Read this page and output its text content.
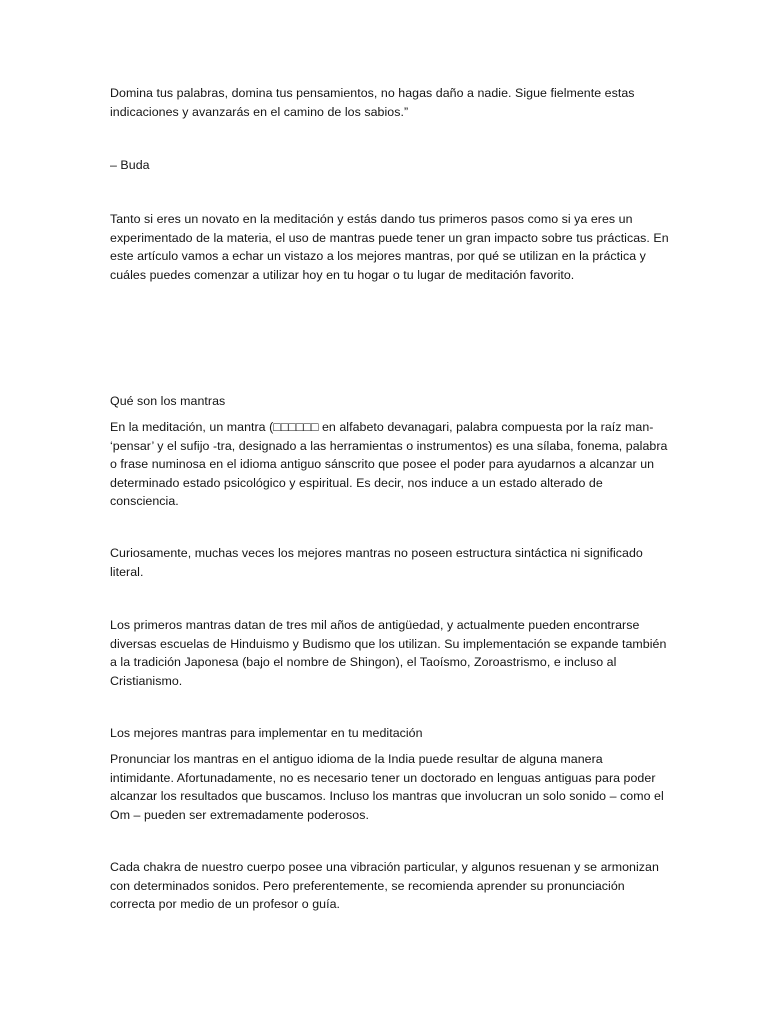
Domina tus palabras, domina tus pensamientos, no hagas daño a nadie. Sigue fielmente estas indicaciones y avanzarás en el camino de los sabios.”

– Buda

Tanto si eres un novato en la meditación y estás dando tus primeros pasos como si ya eres un experimentado de la materia, el uso de mantras puede tener un gran impacto sobre tus prácticas. En este artículo vamos a echar un vistazo a los mejores mantras, por qué se utilizan en la práctica y cuáles puedes comenzar a utilizar hoy en tu hogar o tu lugar de meditación favorito.

Qué son los mantras

En la meditación, un mantra (□□□□□□ en alfabeto devanagari, palabra compuesta por la raíz man- ‘pensar’ y el sufijo -tra, designado a las herramientas o instrumentos) es una sílaba, fonema, palabra o frase numinosa en el idioma antiguo sánscrito que posee el poder para ayudarnos a alcanzar un determinado estado psicológico y espiritual. Es decir, nos induce a un estado alterado de consciencia.

Curiosamente, muchas veces los mejores mantras no poseen estructura sintáctica ni significado literal.

Los primeros mantras datan de tres mil años de antigüedad, y actualmente pueden encontrarse diversas escuelas de Hinduismo y Budismo que los utilizan. Su implementación se expande también a la tradición Japonesa (bajo el nombre de Shingon), el Taoísmo, Zoroastrismo, e incluso al Cristianismo.

Los mejores mantras para implementar en tu meditación

Pronunciar los mantras en el antiguo idioma de la India puede resultar de alguna manera intimidante. Afortunadamente, no es necesario tener un doctorado en lenguas antiguas para poder alcanzar los resultados que buscamos. Incluso los mantras que involucran un solo sonido – como el Om – pueden ser extremadamente poderosos.

Cada chakra de nuestro cuerpo posee una vibración particular, y algunos resuenan y se armonizan con determinados sonidos. Pero preferentemente, se recomienda aprender su pronunciación correcta por medio de un profesor o guía.
